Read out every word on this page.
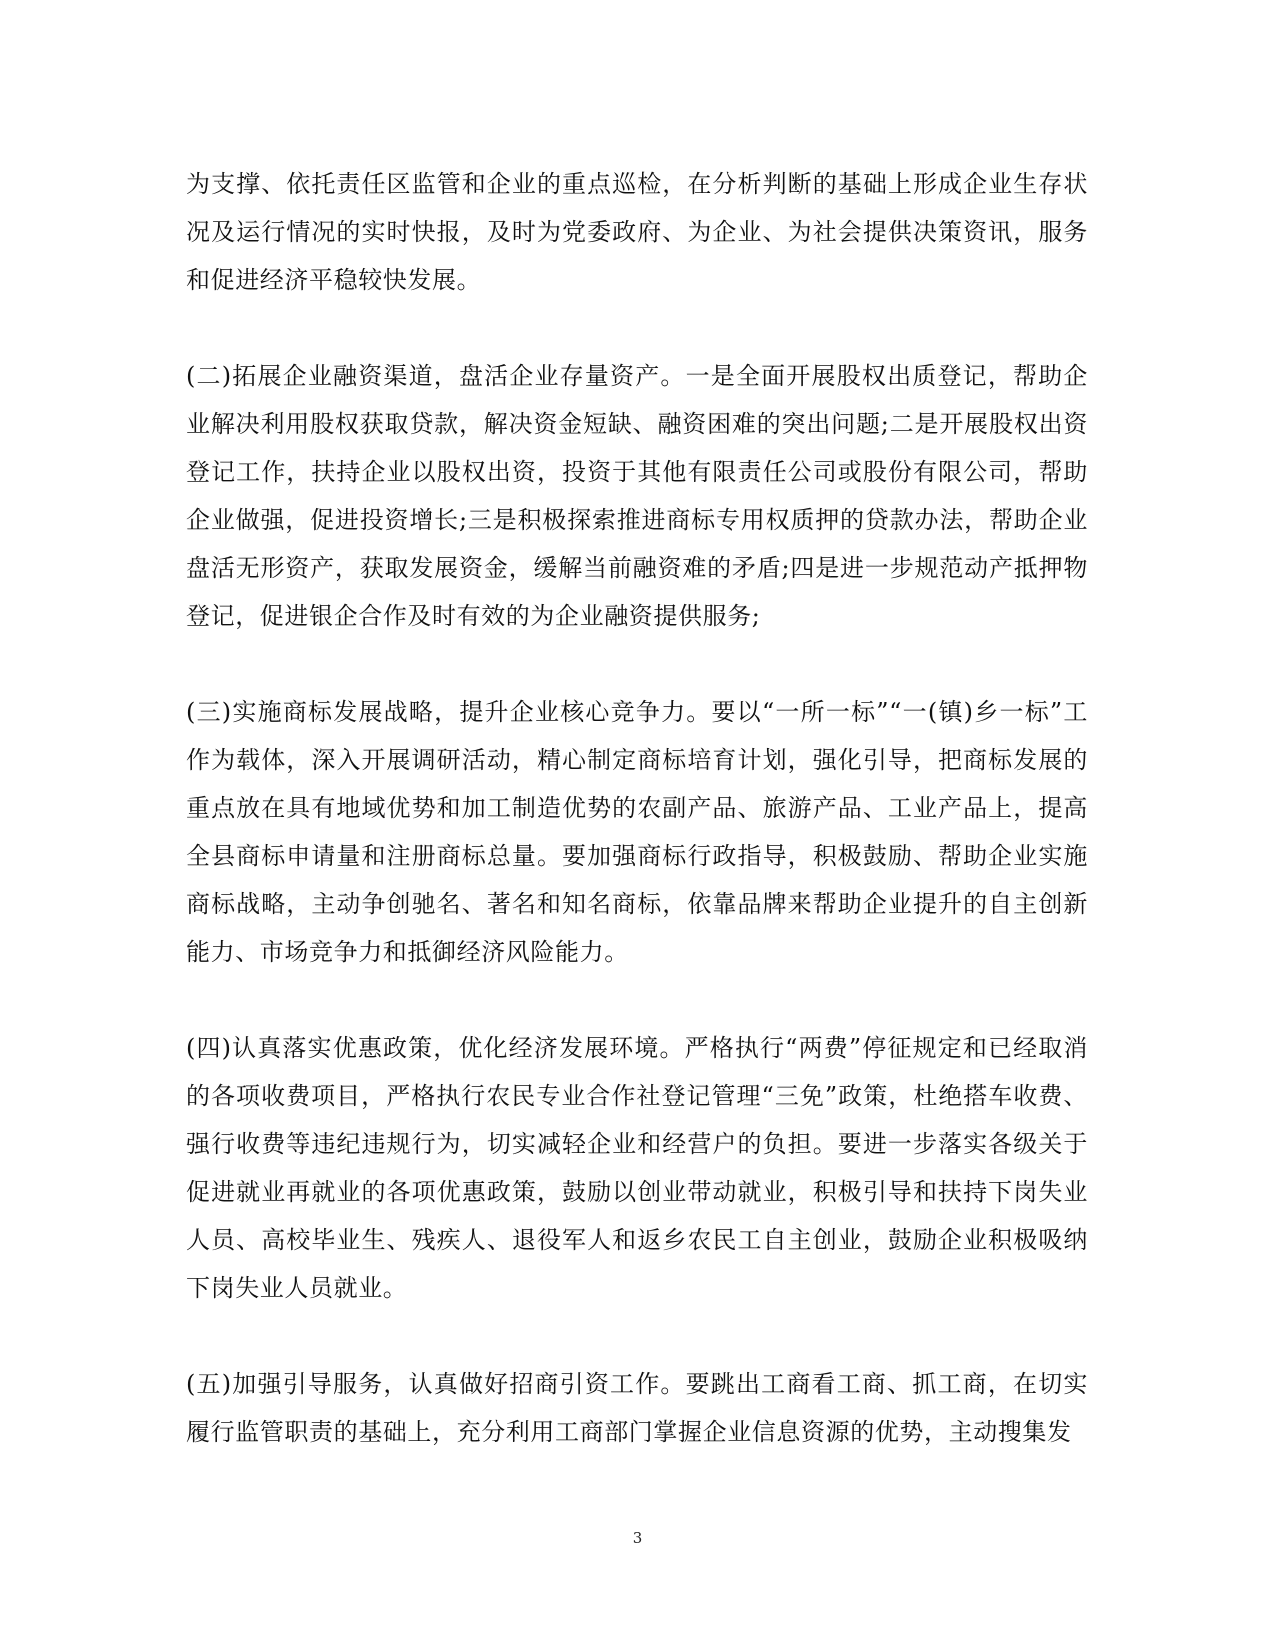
为支撑、依托责任区监管和企业的重点巡检，在分析判断的基础上形成企业生存状况及运行情况的实时快报，及时为党委政府、为企业、为社会提供决策资讯，服务和促进经济平稳较快发展。

(二)拓展企业融资渠道，盘活企业存量资产。一是全面开展股权出质登记，帮助企业解决利用股权获取贷款，解决资金短缺、融资困难的突出问题;二是开展股权出资登记工作，扶持企业以股权出资，投资于其他有限责任公司或股份有限公司，帮助企业做强，促进投资增长;三是积极探索推进商标专用权质押的贷款办法，帮助企业盘活无形资产，获取发展资金，缓解当前融资难的矛盾;四是进一步规范动产抵押物登记，促进银企合作及时有效的为企业融资提供服务;

(三)实施商标发展战略，提升企业核心竞争力。要以“一所一标”“一(镇)乡一标”工作为载体，深入开展调研活动，精心制定商标培育计划，强化引导，把商标发展的重点放在具有地域优势和加工制造优势的农副产品、旅游产品、工业产品上，提高全县商标申请量和注册商标总量。要加强商标行政指导，积极鼓励、帮助企业实施商标战略，主动争创驰名、著名和知名商标，依靠品牌来帮助企业提升的自主创新能力、市场竞争力和抵御经济风险能力。

(四)认真落实优惠政策，优化经济发展环境。严格执行“两费”停征规定和已经取消的各项收费项目，严格执行农民专业合作社登记管理“三免”政策，杜绝搭车收费、强行收费等违纪违规行为，切实减轻企业和经营户的负担。要进一步落实各级关于促进就业再就业的各项优惠政策，鼓励以创业带动就业，积极引导和扶持下岗失业人员、高校毕业生、残疾人、退役军人和返乡农民工自主创业，鼓励企业积极吸纳下岗失业人员就业。

(五)加强引导服务，认真做好招商引资工作。要跳出工商看工商、抓工商，在切实履行监管职责的基础上，充分利用工商部门掌握企业信息资源的优势，主动搜集发

3
